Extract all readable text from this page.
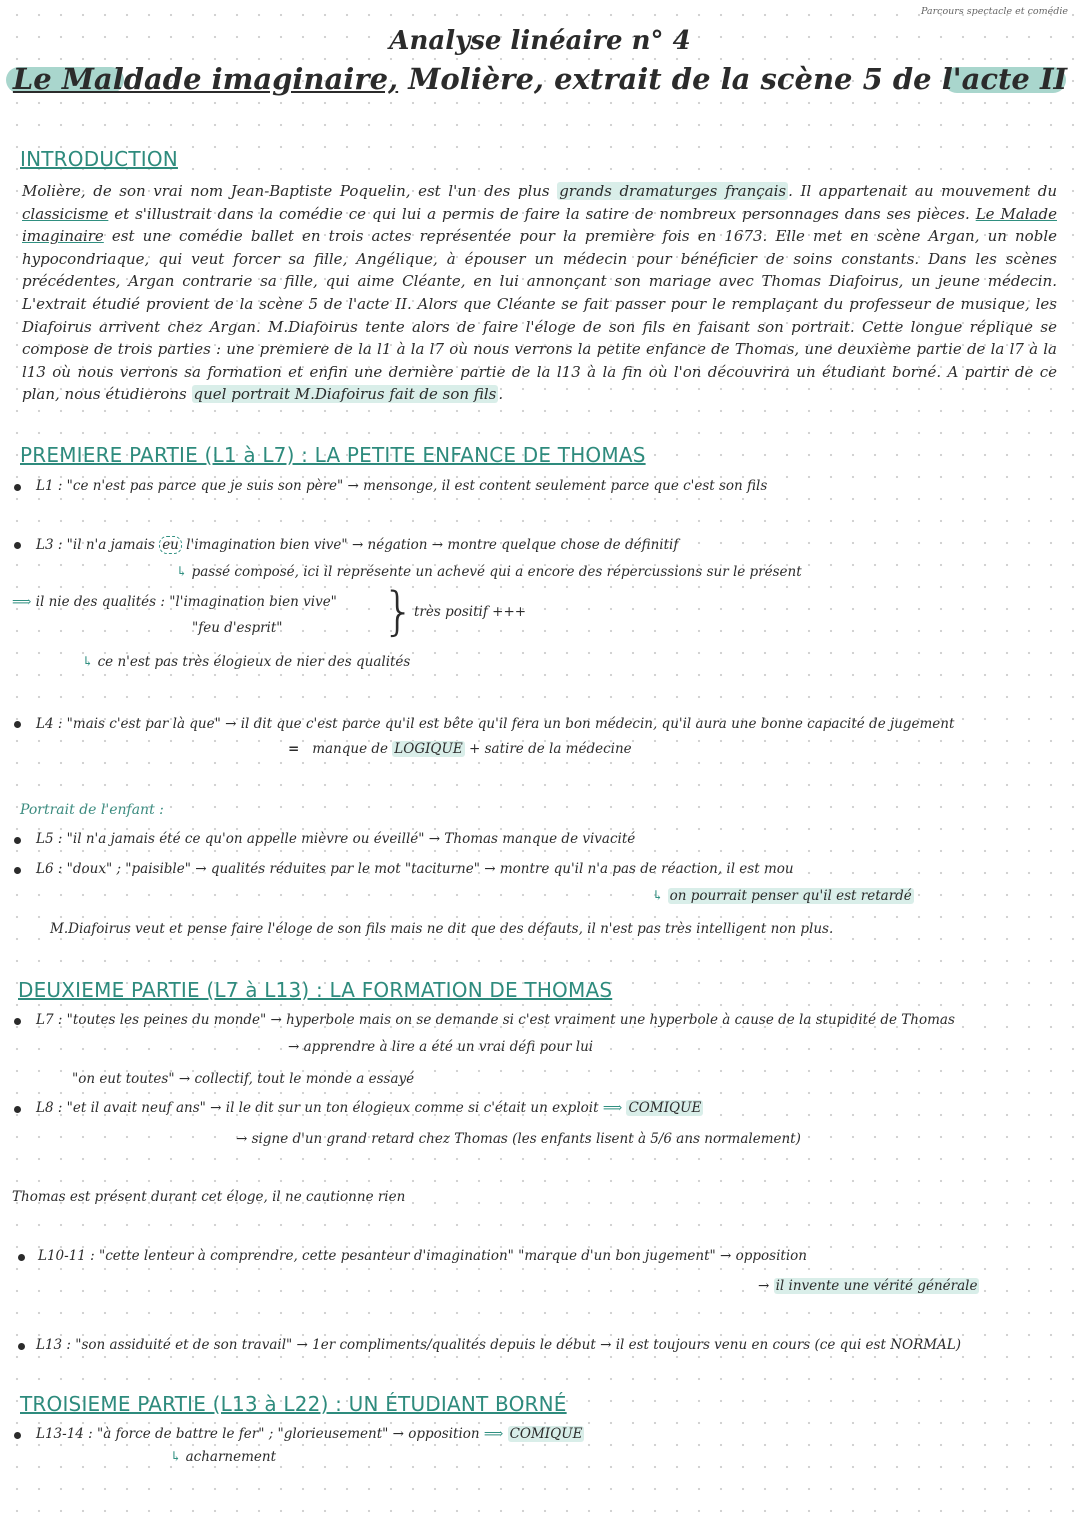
Parcours spectacle et comédie
Analyse linéaire n° 4
Le Maldade imaginaire, Molière, extrait de la scène 5 de l'acte II
INTRODUCTION
Molière, de son vrai nom Jean-Baptiste Poquelin, est l'un des plus grands dramaturges français . Il appartenait au mouvement du classicisme et s'illustrait dans la comédie ce qui lui a permis de faire la satire de nombreux personnages dans ses pièces. Le Malade imaginaire est une comédie ballet en trois actes représentée pour la première fois en 1673. Elle met en scène Argan, un noble hypocondriaque, qui veut forcer sa fille, Angélique, à épouser un médecin pour bénéficier de soins constants. Dans les scènes précédentes, Argan contrarie sa fille, qui aime Cléante, en lui annonçant son mariage avec Thomas Diafoirus, un jeune médecin. L'extrait étudié provient de la scène 5 de l'acte II. Alors que Cléante se fait passer pour le remplaçant du professeur de musique, les Diafoirus arrivent chez Argan. M.Diafoirus tente alors de faire l'éloge de son fils en faisant son portrait. Cette longue réplique se compose de trois parties : une premiere de la l1 à la l7 où nous verrons la petite enfance de Thomas, une deuxième partie de la l7 à la l13 où nous verrons sa formation et enfin une dernière partie de la l13 à la fin où l'on découvrira un étudiant borné. A partir de ce plan, nous étudierons quel portrait M.Diafoirus fait de son fils .
PREMIERE PARTIE (L1 à L7) : LA PETITE ENFANCE DE THOMAS
L1 : "ce n'est pas parce que je suis son père" → mensonge, il est content seulement parce que c'est son fils
L3 : "il n'a jamais eu l'imagination bien vive" → négation → montre quelque chose de définitif
↳ passé composé, ici il représente un achevé qui a encore des répercussions sur le présent
⟹ il nie des qualités : "l'imagination bien vive"
"feu d'esprit" }
très positif +++
↳ ce n'est pas très élogieux de nier des qualités
L4 : "mais c'est par là que" → il dit que c'est parce qu'il est bête qu'il fera un bon médecin, qu'il aura une bonne capacité de jugement
= manque de LOGIQUE + satire de la médecine
Portrait de l'enfant :
L5 : "il n'a jamais été ce qu'on appelle mièvre ou éveillé" → Thomas manque de vivacité
L6 : "doux" ; "paisible" → qualités réduites par le mot "taciturne" → montre qu'il n'a pas de réaction, il est mou
↳ on pourrait penser qu'il est retardé
M.Diafoirus veut et pense faire l'éloge de son fils mais ne dit que des défauts, il n'est pas très intelligent non plus.
DEUXIEME PARTIE (L7 à L13) : LA FORMATION DE THOMAS
L7 : "toutes les peines du monde" → hyperbole mais on se demande si c'est vraiment une hyperbole à cause de la stupidité de Thomas
→ apprendre à lire a été un vrai défi pour lui
"on eut toutes" → collectif, tout le monde a essayé
L8 : "et il avait neuf ans" → il le dit sur un ton élogieux comme si c'était un exploit ⟹ COMIQUE
→ signe d'un grand retard chez Thomas (les enfants lisent à 5/6 ans normalement)
Thomas est présent durant cet éloge, il ne cautionne rien
L10-11 : "cette lenteur à comprendre, cette pesanteur d'imagination" "marque d'un bon jugement" → opposition
→ il invente une vérité générale
L13 : "son assiduité et de son travail" → 1er compliments/qualités depuis le début → il est toujours venu en cours (ce qui est NORMAL)
TROISIEME PARTIE (L13 à L22) : UN ÉTUDIANT BORNÉ
L13-14 : "à force de battre le fer" ; "glorieusement" → opposition ⟹ COMIQUE
↳ acharnement
